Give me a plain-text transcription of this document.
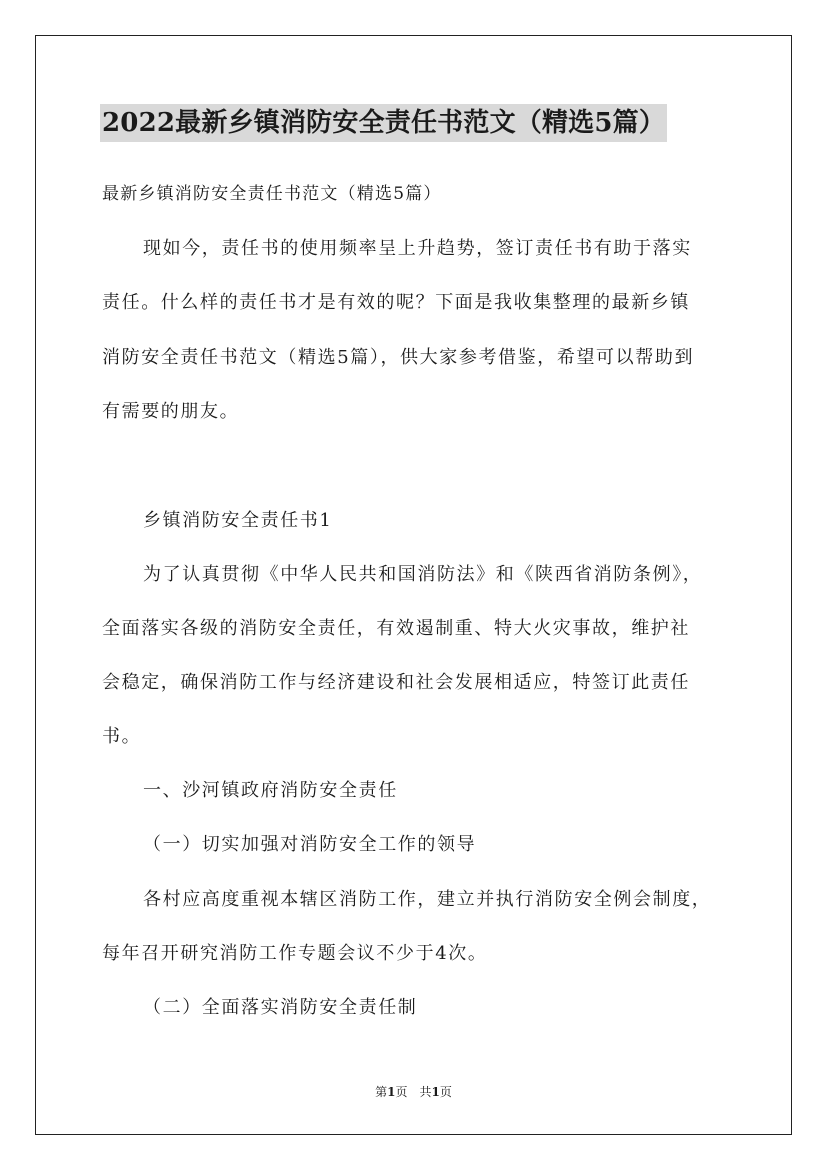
2022最新乡镇消防安全责任书范文（精选5篇）
最新乡镇消防安全责任书范文（精选5篇）
现如今，责任书的使用频率呈上升趋势，签订责任书有助于落实
责任。什么样的责任书才是有效的呢？下面是我收集整理的最新乡镇
消防安全责任书范文（精选5篇），供大家参考借鉴，希望可以帮助到
有需要的朋友。
乡镇消防安全责任书1
为了认真贯彻《中华人民共和国消防法》和《陕西省消防条例》，
全面落实各级的消防安全责任，有效遏制重、特大火灾事故，维护社
会稳定，确保消防工作与经济建设和社会发展相适应，特签订此责任
书。
一、沙河镇政府消防安全责任
（一）切实加强对消防安全工作的领导
各村应高度重视本辖区消防工作，建立并执行消防安全例会制度，
每年召开研究消防工作专题会议不少于4次。
（二）全面落实消防安全责任制
第1页　共1页
